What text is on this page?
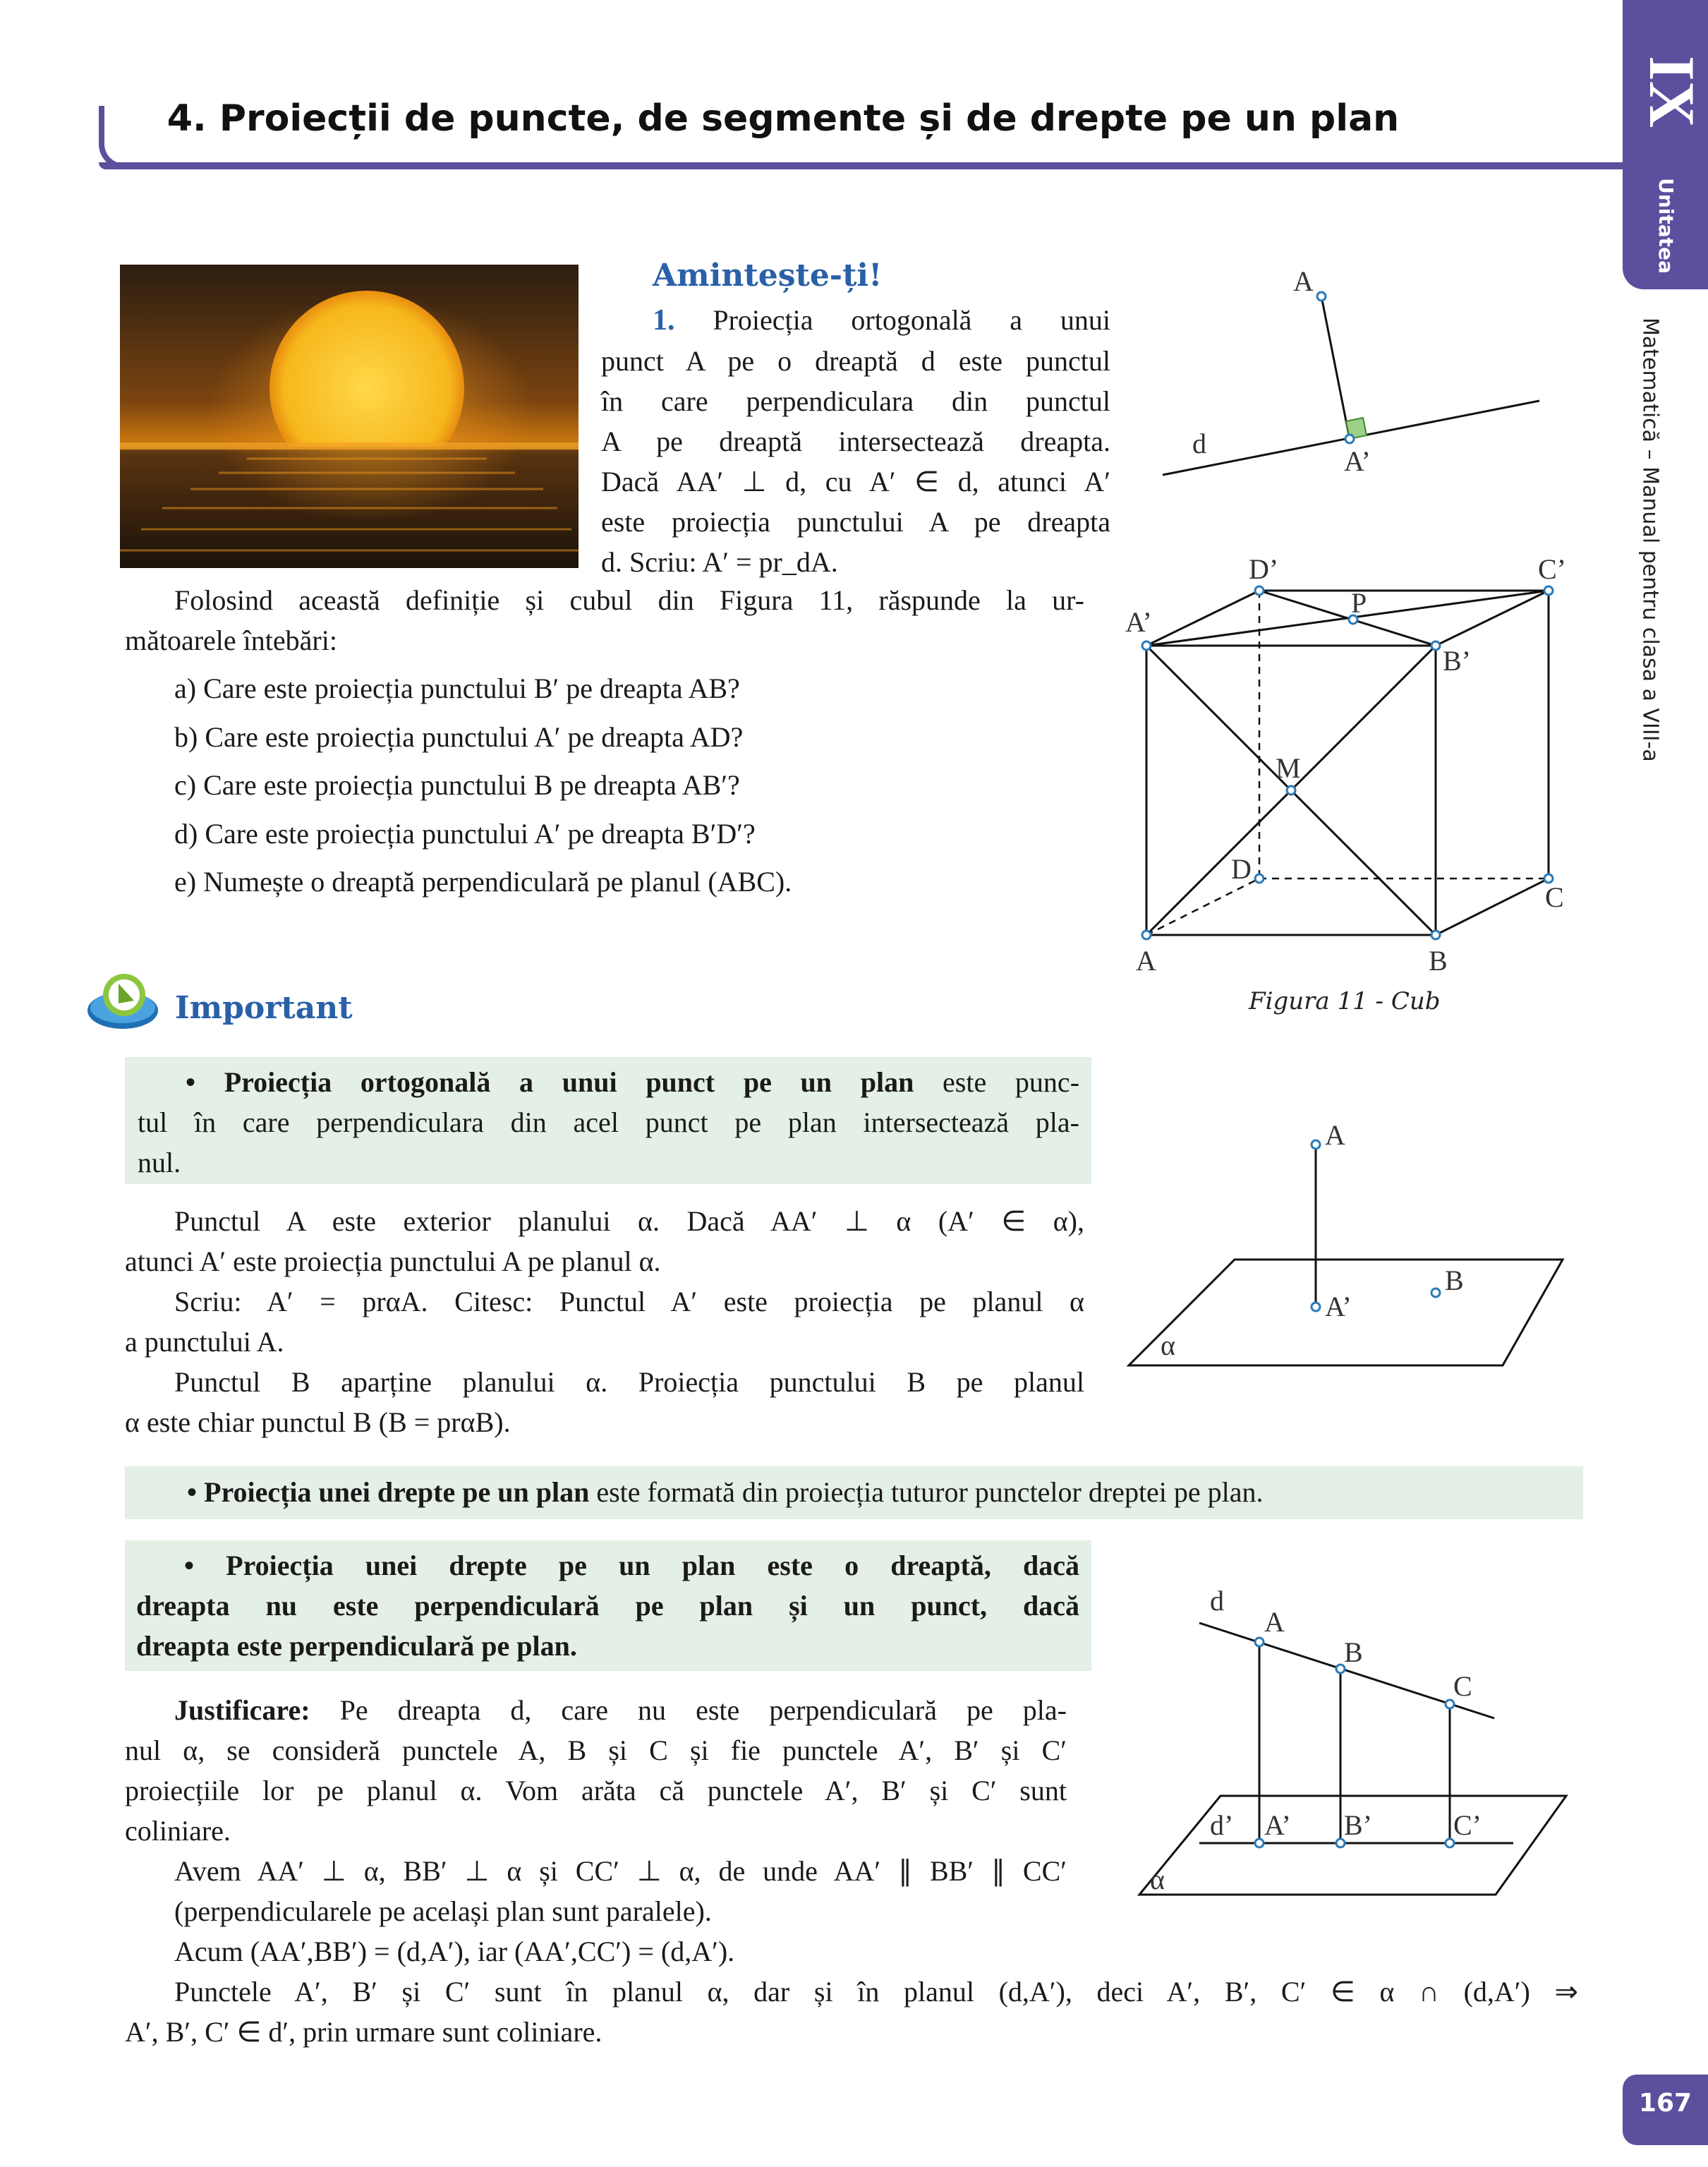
4. Proiecții de puncte, de segmente și de drepte pe un plan	IX
Unitatea
Matematică – Manual pentru clasa a VIII-a
167
Amintește-ți!
1. Proiecția ortogonală a unui
punct A pe o dreaptă d este punctul
în care perpendiculara din punctul
A pe dreaptă intersectează dreapta.
Dacă AA′ ⊥ d, cu A′ ∈ d, atunci A′
este proiecția punctului A pe dreapta
d. Scriu: A′ = pr_dA.
Folosind această definiție și cubul din Figura 11, răspunde la ur-
mătoarele întebări:
a) Care este proiecția punctului B′ pe dreapta AB?
b) Care este proiecția punctului A′ pe dreapta AD?
c) Care este proiecția punctului B pe dreapta AB′?
d) Care este proiecția punctului A′ pe dreapta B′D′?
e) Numește o dreaptă perpendiculară pe planul (ABC).
A
A’
d
A’
B’
C’
D’
A	B
C
D
M
P
Figura 11 - Cub
Important
• Proiecția ortogonală a unui punct pe un plan este punc-
tul în care perpendiculara din acel punct pe plan intersectează pla-
nul.
Punctul A este exterior planului α. Dacă AA′ ⊥ α (A′ ∈ α),
atunci A′ este proiecția punctului A pe planul α.
Scriu: A′ = prαA. Citesc: Punctul A′ este proiecția pe planul α
a punctului A.
Punctul B aparține planului α. Proiecția punctului B pe planul
α este chiar punctul B (B = prαB).
A
A’
B
α
• Proiecția unei drepte pe un plan este formată din proiecția tuturor punctelor dreptei pe plan.
• Proiecția unei drepte pe un plan este o dreaptă, dacă
dreapta nu este perpendiculară pe plan și un punct, dacă
dreapta este perpendiculară pe plan.
Justificare: Pe dreapta d, care nu este perpendiculară pe pla-
nul α, se consideră punctele A, B și C și fie punctele A′, B′ și C′
proiecțiile lor pe planul α. Vom arăta că punctele A′, B′ și C′ sunt
coliniare.
Avem AA′ ⊥ α, BB′ ⊥ α și CC′ ⊥ α, de unde AA′ ∥ BB′ ∥ CC′
(perpendicularele pe același plan sunt paralele).
Acum (AA′,BB′) = (d,A′), iar (AA′,CC′) = (d,A′).
Punctele A′, B′ și C′ sunt în planul α, dar și în planul (d,A′), deci A′, B′, C′ ∈ α ∩ (d,A′) ⇒
A′, B′, C′ ∈ d′, prin urmare sunt coliniare.
d
A
B
C
d’ A’ B’	C’
α
